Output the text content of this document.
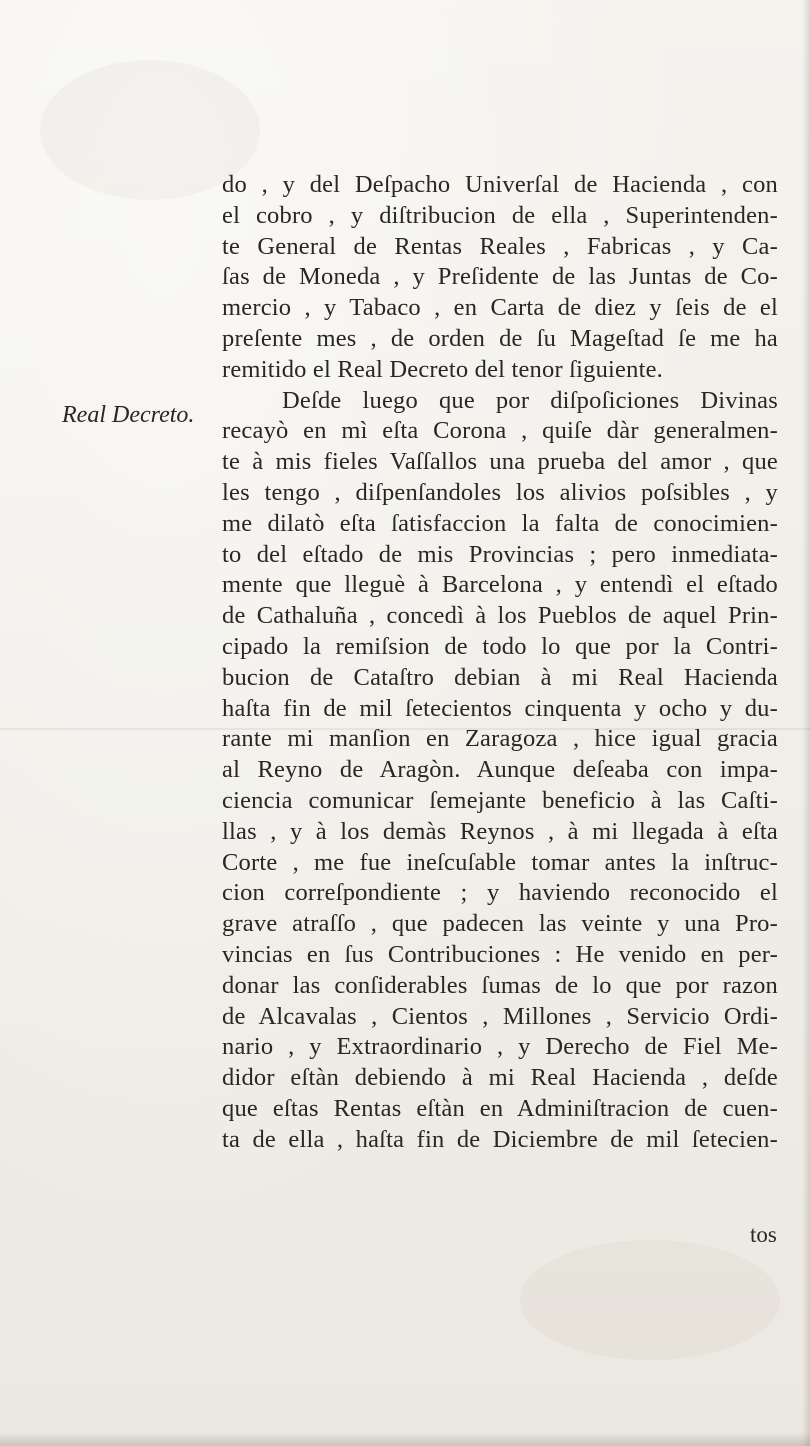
Real Decreto.
do , y del Deſpacho Univerſal de Hacienda , con
el cobro , y diſtribucion de ella , Superintenden-
te General de Rentas Reales , Fabricas , y Ca-
ſas de Moneda , y Preſidente de las Juntas de Co-
mercio , y Tabaco , en Carta de diez y ſeis de el
preſente mes , de orden de ſu Mageſtad ſe me ha
remitido el Real Decreto del tenor ſiguiente.
Deſde luego que por diſpoſiciones Divinas
recayò en mì eſta Corona , quiſe dàr generalmen-
te à mis fieles Vaſſallos una prueba del amor , que
les tengo , diſpenſandoles los alivios poſsibles , y
me dilatò eſta ſatisfaccion la falta de conocimien-
to del eſtado de mis Provincias ; pero inmediata-
mente que lleguè à Barcelona , y entendì el eſtado
de Cathaluña , concedì à los Pueblos de aquel Prin-
cipado la remiſsion de todo lo que por la Contri-
bucion de Cataſtro debian à mi Real Hacienda
haſta fin de mil ſetecientos cinquenta y ocho y du-
rante mi manſion en Zaragoza , hice igual gracia
al Reyno de Aragòn. Aunque deſeaba con impa-
ciencia comunicar ſemejante beneficio à las Caſti-
llas , y à los demàs Reynos , à mi llegada à eſta
Corte , me fue ineſcuſable tomar antes la inſtruc-
cion correſpondiente ; y haviendo reconocido el
grave atraſſo , que padecen las veinte y una Pro-
vincias en ſus Contribuciones : He venido en per-
donar las conſiderables ſumas de lo que por razon
de Alcavalas , Cientos , Millones , Servicio Ordi-
nario , y Extraordinario , y Derecho de Fiel Me-
didor eſtàn debiendo à mi Real Hacienda , deſde
que eſtas Rentas eſtàn en Adminiſtracion de cuen-
ta de ella , haſta fin de Diciembre de mil ſetecien-
tos
